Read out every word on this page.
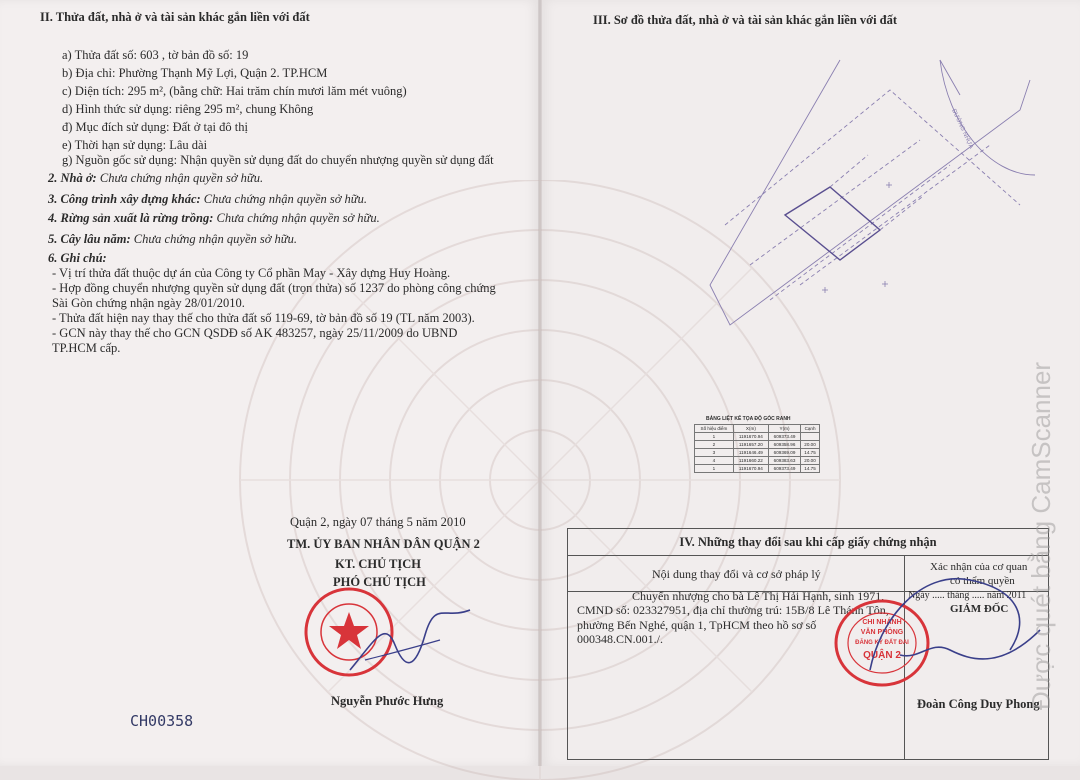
II. Thửa đất, nhà ở và tài sản khác gắn liền với đất
a) Thửa đất số: 603 , tờ bản đồ số: 19
b) Địa chỉ: Phường Thạnh Mỹ Lợi, Quận 2. TP.HCM
c) Diện tích: 295 m², (bằng chữ: Hai trăm chín mươi lăm mét vuông)
d) Hình thức sử dụng: riêng 295 m², chung Không
đ) Mục đích sử dụng: Đất ở tại đô thị
e) Thời hạn sử dụng: Lâu dài
g) Nguồn gốc sử dụng: Nhận quyền sử dụng đất do chuyển nhượng quyền sử dụng đất
2. Nhà ở: Chưa chứng nhận quyền sở hữu.
3. Công trình xây dựng khác: Chưa chứng nhận quyền sở hữu.
4. Rừng sản xuất là rừng trồng: Chưa chứng nhận quyền sở hữu.
5. Cây lâu năm: Chưa chứng nhận quyền sở hữu.
6. Ghi chú:
- Vị trí thửa đất thuộc dự án của Công ty Cổ phần May - Xây dựng Huy Hoàng.
- Hợp đồng chuyển nhượng quyền sử dụng đất (trọn thửa) số 1237 do phòng công chứng
Sài Gòn chứng nhận ngày 28/01/2010.
- Thửa đất hiện nay thay thế cho thửa đất số 119-69, tờ bản đồ số 19 (TL năm 2003).
- GCN này thay thế cho GCN QSDĐ số AK 483257, ngày 25/11/2009 do UBND
TP.HCM cấp.
Quận 2, ngày 07 tháng 5 năm 2010
TM. ỦY BAN NHÂN DÂN QUẬN 2
KT. CHỦ TỊCH
PHÓ CHỦ TỊCH
Nguyễn Phước Hưng
CH00358
III. Sơ đồ thửa đất, nhà ở và tài sản khác gắn liền với đất
ĐƯỜNG NHỰA
BẢNG LIỆT KÊ TỌA ĐỘ GÓC RANH
Số hiệu điểm	X(m)	Y(m)	Cạnh
1	1191670.94	609373.49	
2	1191657.20	609358.96	20.00
3	1191646.49	609369.09	14.75
4	1191660.22	609383.63	20.00
1	1191670.94	609373.49	14.75
IV. Những thay đổi sau khi cấp giấy chứng nhận
Nội dung thay đổi và cơ sở pháp lý	Xác nhận của cơ quan
có thẩm quyền
Chuyển nhượng cho bà Lê Thị Hải Hạnh, sinh 1971,
CMND số: 023327951, địa chỉ thường trú: 15B/8 Lê Thánh Tôn,
phường Bến Nghé, quận 1, TpHCM theo hồ sơ số
000348.CN.001./.
Ngày ..... tháng ..... năm 2011
GIÁM ĐỐC
Đoàn Công Duy Phong
CHI NHÁNH
VĂN PHÒNG
ĐĂNG KÝ ĐẤT ĐAI
QUẬN 2	Được quét bằng CamScanner
